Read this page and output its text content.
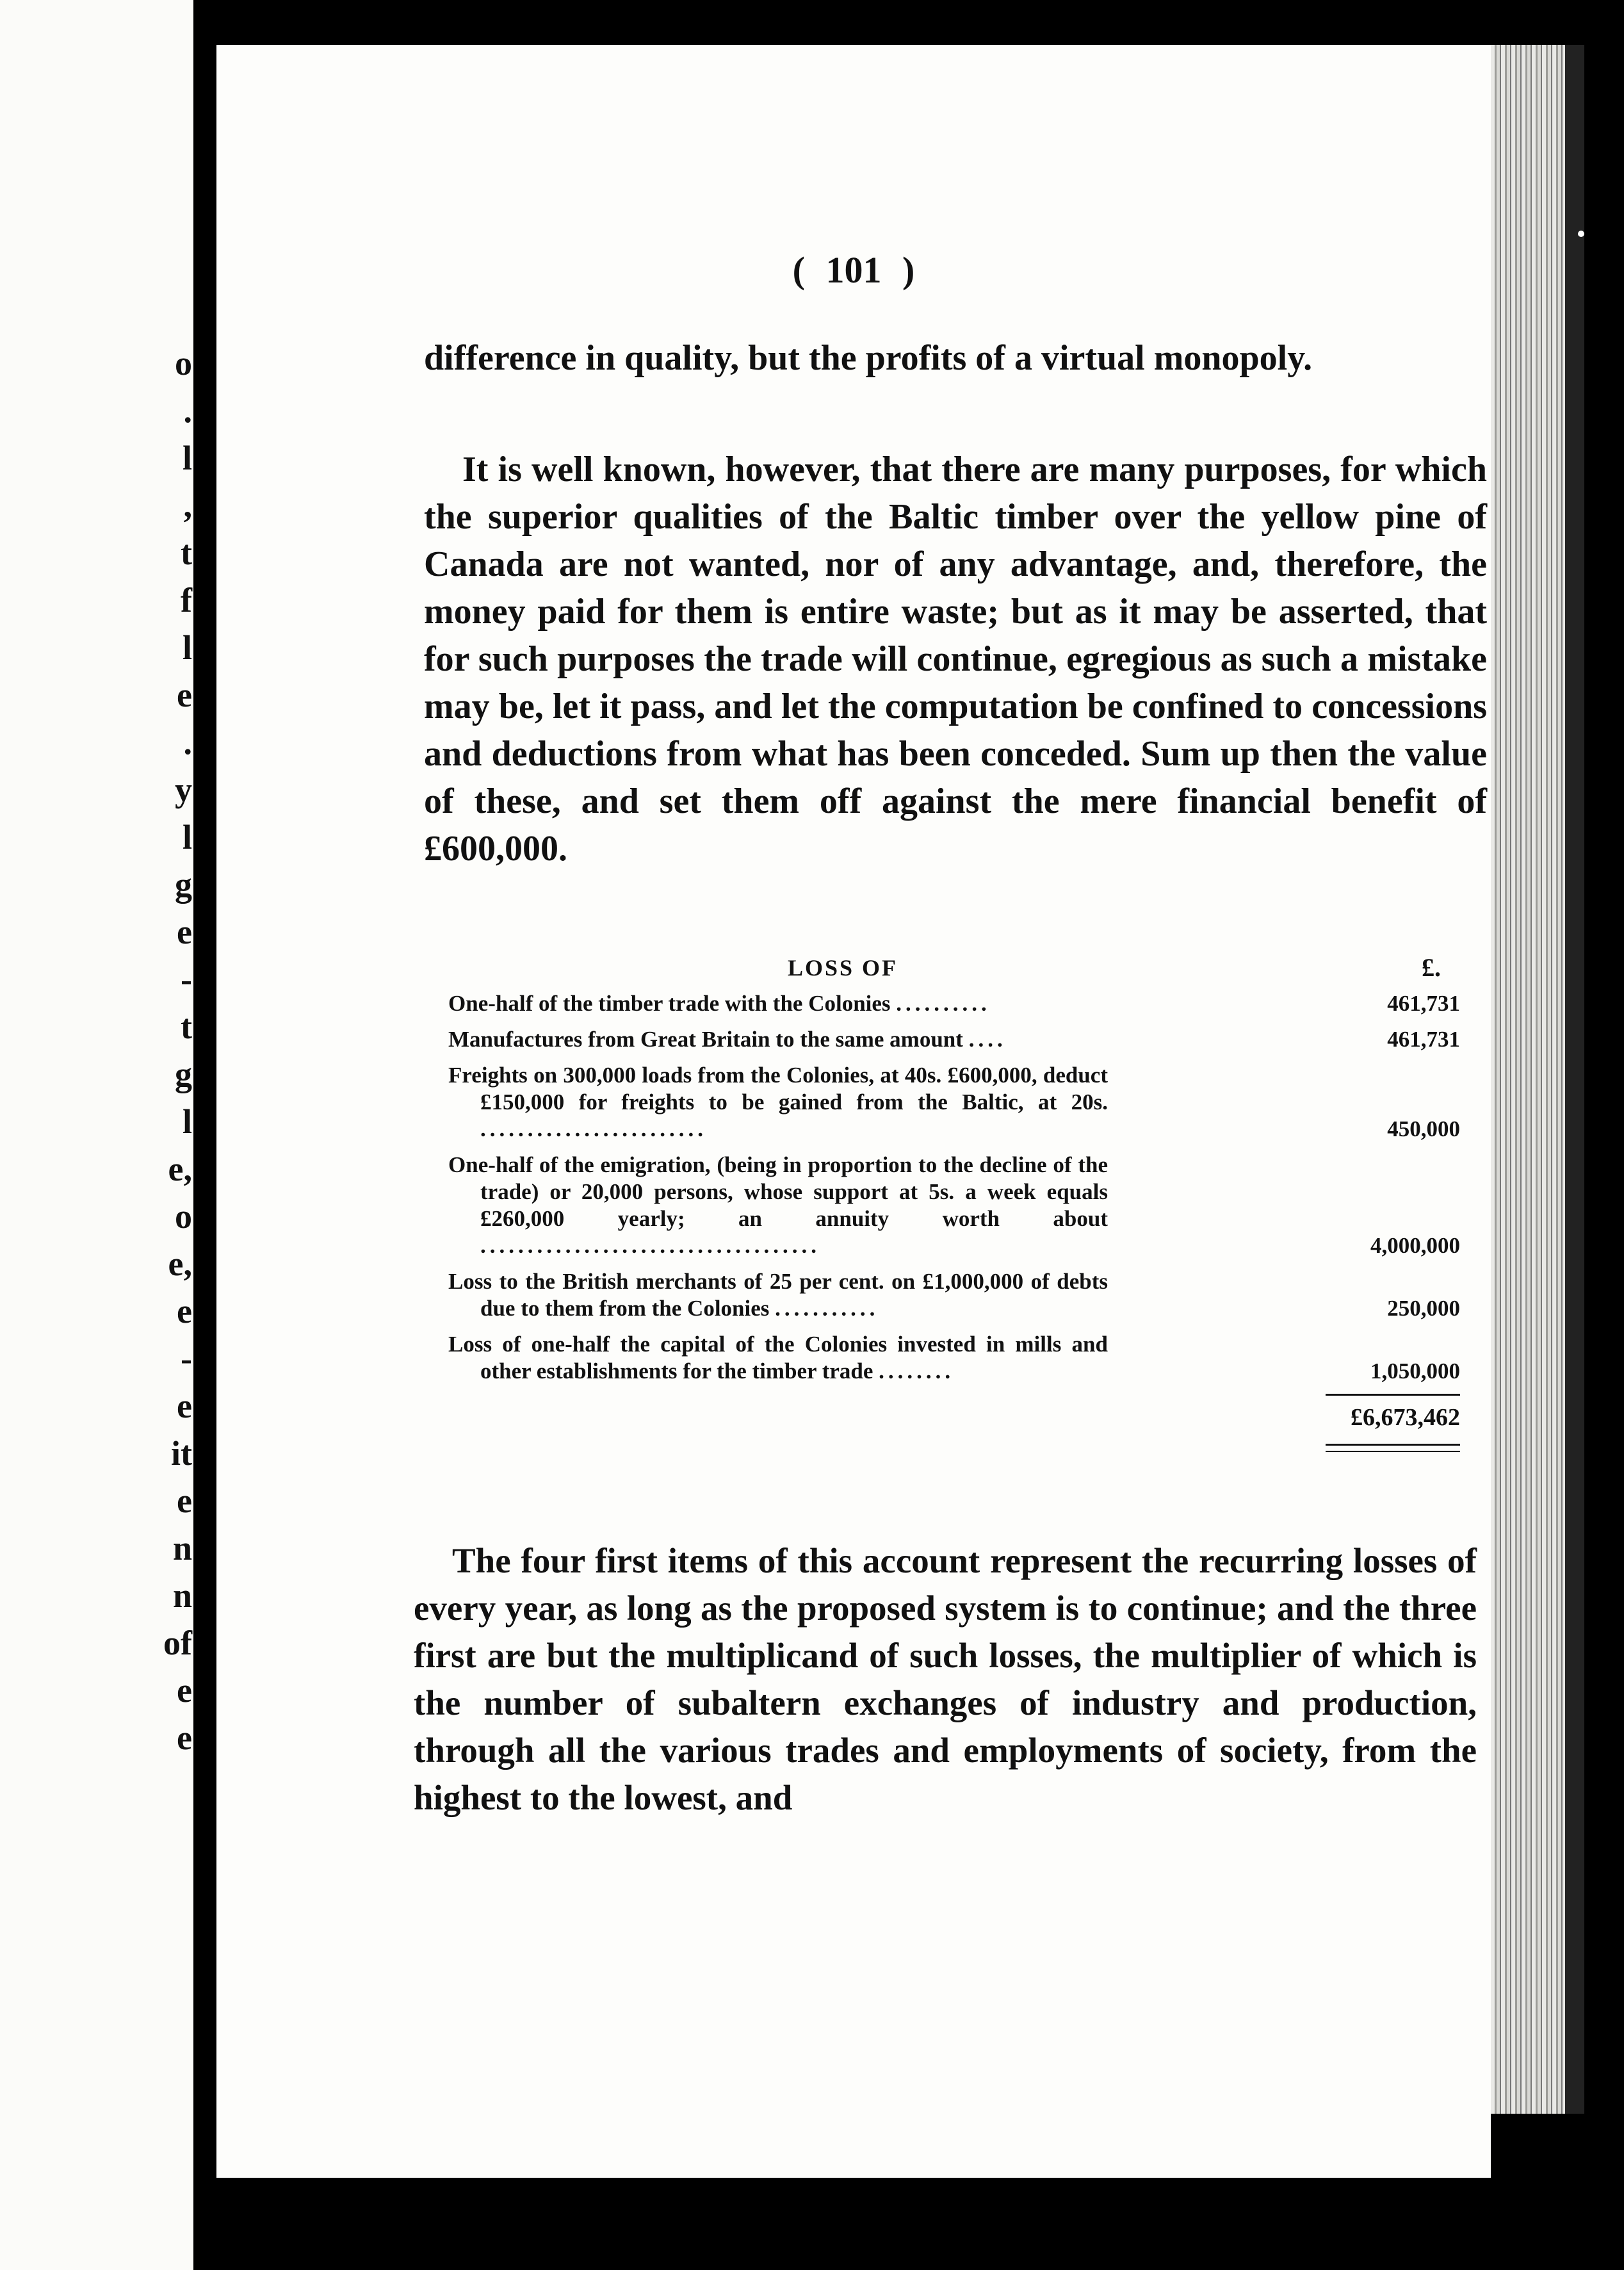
o
.
l
,
t
f
l
e
.
y
l
g
e
-
t
g
l
e,
o
e,
e
-
e
it
e
n
n
of
e
e
( 101 )

difference in quality, but the profits of a virtual monopoly.

It is well known, however, that there are many purposes, for which the superior qualities of the Baltic timber over the yellow pine of Canada are not wanted, nor of any advantage, and, therefore, the money paid for them is entire waste; but as it may be asserted, that for such purposes the trade will continue, egregious as such a mistake may be, let it pass, and let the computation be confined to concessions and deductions from what has been conceded. Sum up then the value of these, and set them off against the mere financial benefit of £600,000.

LOSS OF	£.
One-half of the timber trade with the Colonies ..........	461,731
Manufactures from Great Britain to the same amount ....	461,731
Freights on 300,000 loads from the Colonies, at 40s. £600,000, deduct £150,000 for freights to be gained from the Baltic, at 20s. ........................	450,000
One-half of the emigration, (being in proportion to the decline of the trade) or 20,000 persons, whose support at 5s. a week equals £260,000 yearly; an annuity worth about ....................................	4,000,000
Loss to the British merchants of 25 per cent. on £1,000,000 of debts due to them from the Colonies ...........	250,000
Loss of one-half the capital of the Colonies invested in mills and other establishments for the timber trade ........	1,050,000
£6,673,462

The four first items of this account represent the recurring losses of every year, as long as the proposed system is to continue; and the three first are but the multiplicand of such losses, the multiplier of which is the number of subaltern exchanges of industry and production, through all the various trades and employments of society, from the highest to the lowest, and
